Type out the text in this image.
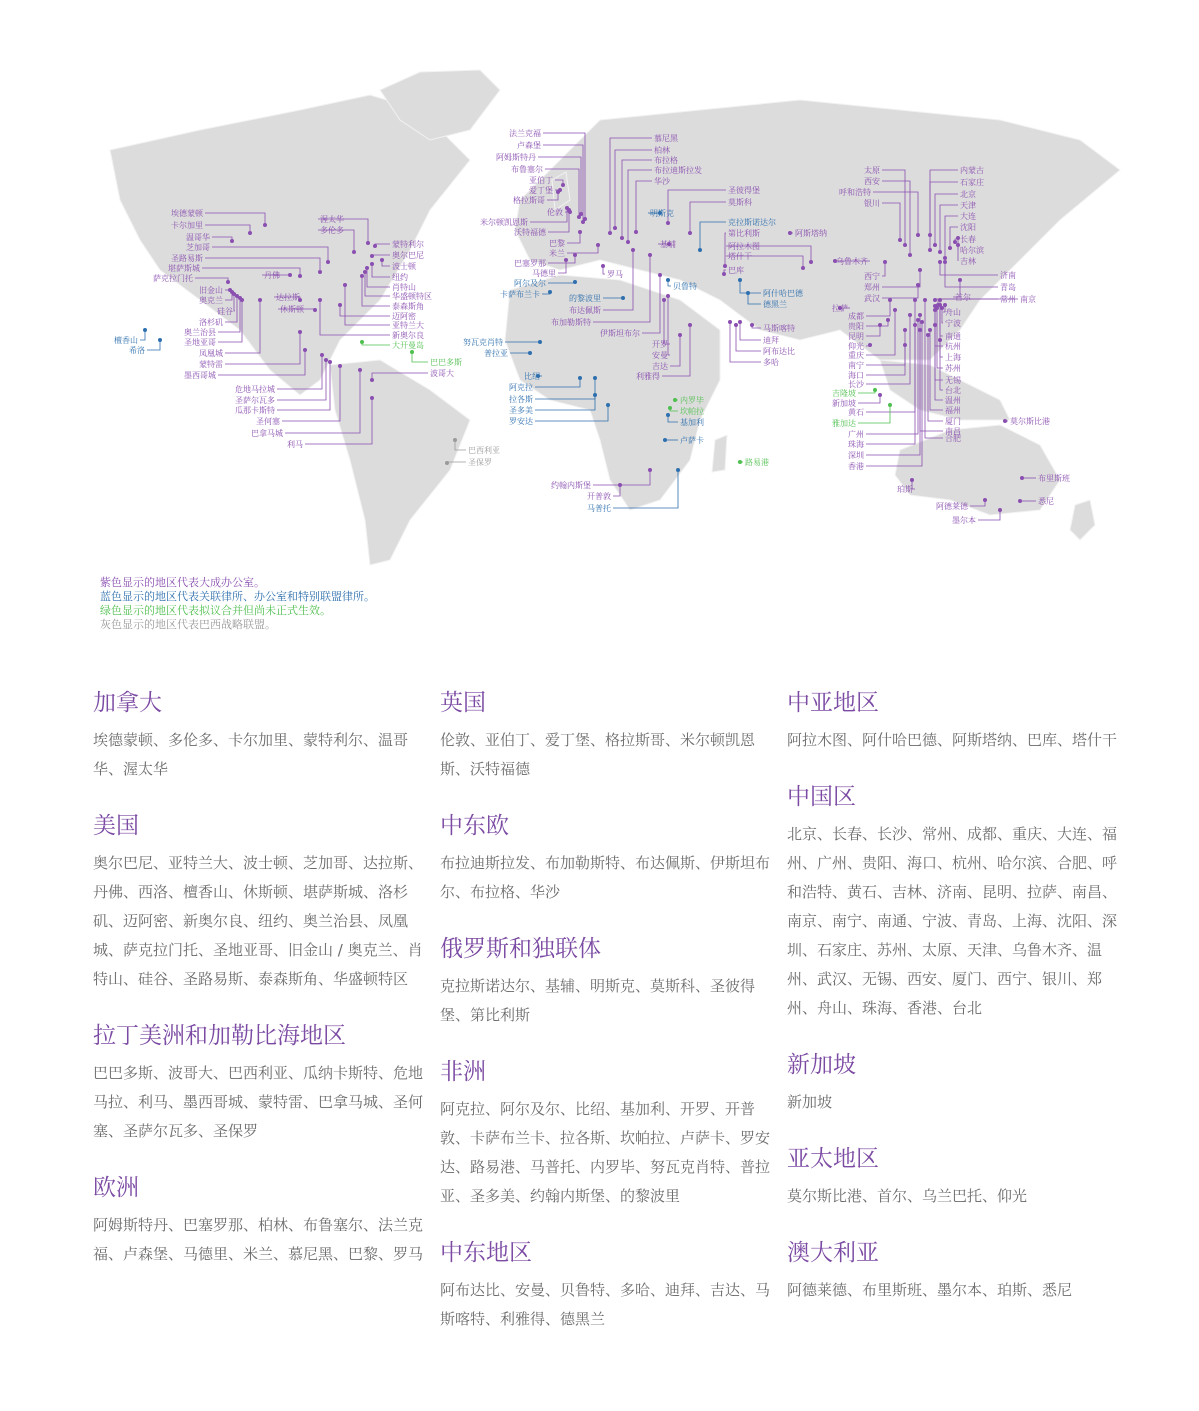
埃德蒙顿
卡尔加里
温哥华
芝加哥
圣路易斯
堪萨斯城
萨克拉门托
旧金山
奥克兰
硅谷
洛杉矶
奥兰治县
圣地亚哥
凤凰城
蒙特雷
墨西哥城
丹佛
达拉斯
休斯顿
渥太华
多伦多
蒙特利尔
奥尔巴尼
波士顿
纽约
肖特山
华盛顿特区
泰森斯角
迈阿密
亚特兰大
新奥尔良
大开曼岛
巴巴多斯
波哥大
危地马拉城
圣萨尔瓦多
瓜那卡斯特
圣何塞
巴拿马城
利马
巴西利亚
圣保罗
檀香山
希洛
法兰克福
卢森堡
阿姆斯特丹
布鲁塞尔
亚伯丁
爱丁堡
格拉斯哥
伦敦
米尔顿凯恩斯
沃特福德
巴黎
米兰
巴塞罗那
马德里
阿尔及尔
卡萨布兰卡
慕尼黑
柏林
布拉格
布拉迪斯拉发
华沙
圣彼得堡
莫斯科
明斯克
基辅
克拉斯诺达尔
第比利斯	阿斯塔纳
阿拉木图
塔什干
巴库
阿什哈巴德
德黑兰
罗马
的黎波里
布达佩斯
布加勒斯特
贝鲁特
伊斯坦布尔
开罗
安曼
吉达
利雅得
马斯喀特
迪拜
阿布达比
多哈
努瓦克肖特
普拉亚
比绍
阿克拉
拉各斯
圣多美
罗安达
内罗毕
坎帕拉
基加利
卢萨卡
路易港
约翰内斯堡
开普敦
马普托
乌鲁木齐
太原
西安
呼和浩特
银川
内蒙古
石家庄
北京
天津
大连
沈阳
长春
哈尔滨
吉林
济南
青岛
首尔	常州 南京
西宁
郑州
武汉
拉萨
成都
贵阳
昆明
仰光
重庆
南宁
海口
长沙
吉隆坡
新加坡
黄石
雅加达
广州
珠海
深圳
香港
舟山
宁波
南通
杭州
上海
苏州
无锡
台北
温州
福州
厦门
南昌
合肥
莫尔斯比港
布里斯班
悉尼
珀斯
阿德莱德
墨尔本
紫色显示的地区代表大成办公室。
蓝色显示的地区代表关联律所、办公室和特别联盟律所。
绿色显示的地区代表拟议合并但尚未正式生效。
灰色显示的地区代表巴西战略联盟。
加拿大

埃德蒙顿、多伦多、卡尔加里、蒙特利尔、温哥华、渥太华

美国

奥尔巴尼、亚特兰大、波士顿、芝加哥、达拉斯、丹佛、西洛、檀香山、休斯顿、堪萨斯城、洛杉矶、迈阿密、新奥尔良、纽约、奥兰治县、凤凰城、萨克拉门托、圣地亚哥、旧金山 / 奥克兰、肖特山、硅谷、圣路易斯、泰森斯角、华盛顿特区

拉丁美洲和加勒比海地区

巴巴多斯、波哥大、巴西利亚、瓜纳卡斯特、危地马拉、利马、墨西哥城、蒙特雷、巴拿马城、圣何塞、圣萨尔瓦多、圣保罗

欧洲

阿姆斯特丹、巴塞罗那、柏林、布鲁塞尔、法兰克福、卢森堡、马德里、米兰、慕尼黑、巴黎、罗马

英国

伦敦、亚伯丁、爱丁堡、格拉斯哥、米尔顿凯恩斯、沃特福德

中东欧

布拉迪斯拉发、布加勒斯特、布达佩斯、伊斯坦布尔、布拉格、华沙

俄罗斯和独联体

克拉斯诺达尔、基辅、明斯克、莫斯科、圣彼得堡、第比利斯

非洲

阿克拉、阿尔及尔、比绍、基加利、开罗、开普敦、卡萨布兰卡、拉各斯、坎帕拉、卢萨卡、罗安达、路易港、马普托、内罗毕、努瓦克肖特、普拉亚、圣多美、约翰内斯堡、的黎波里

中东地区

阿布达比、安曼、贝鲁特、多哈、迪拜、吉达、马斯喀特、利雅得、德黑兰

中亚地区

阿拉木图、阿什哈巴德、阿斯塔纳、巴库、塔什干

中国区

北京、长春、长沙、常州、成都、重庆、大连、福州、广州、贵阳、海口、杭州、哈尔滨、合肥、呼和浩特、黄石、吉林、济南、昆明、拉萨、南昌、南京、南宁、南通、宁波、青岛、上海、沈阳、深圳、石家庄、苏州、太原、天津、乌鲁木齐、温州、武汉、无锡、西安、厦门、西宁、银川、郑州、舟山、珠海、香港、台北

新加坡

新加坡

亚太地区

莫尔斯比港、首尔、乌兰巴托、仰光

澳大利亚

阿德莱德、布里斯班、墨尔本、珀斯、悉尼
